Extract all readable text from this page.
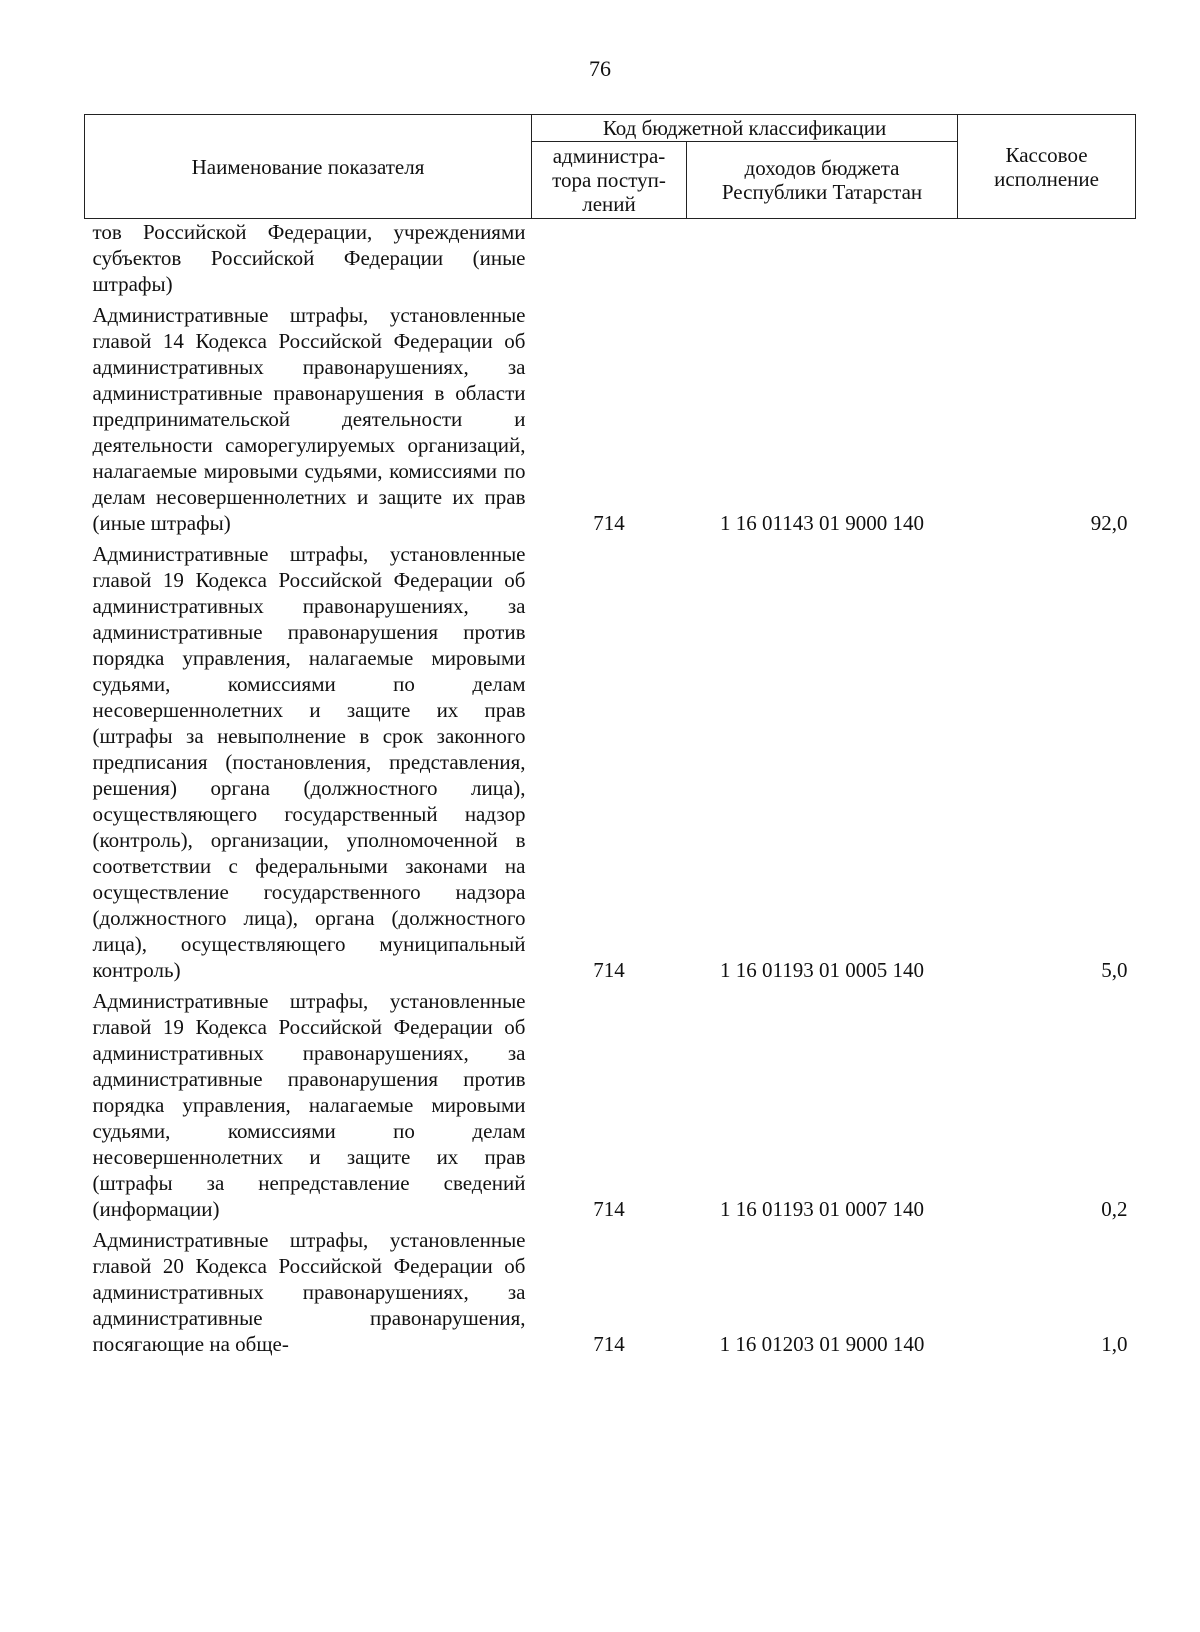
76
Наименование показателя	Код бюджетной классификации		Кассовое исполнение
	администра-тора поступ-лений	доходов бюджета Республики Татарстан	
тов Российской Федерации, учреждениями субъектов Российской Федерации (иные штрафы)			
Административные штрафы, установленные главой 14 Кодекса Российской Федерации об административных правонарушениях, за административные правонарушения в области предпринимательской деятельности и деятельности саморегулируемых организаций, налагаемые мировыми судьями, комиссиями по делам несовершеннолетних и защите их прав (иные штрафы)	714	1 16 01143 01 9000 140	92,0
Административные штрафы, установленные главой 19 Кодекса Российской Федерации об административных правонарушениях, за административные правонарушения против порядка управления, налагаемые мировыми судьями, комиссиями по делам несовершеннолетних и защите их прав (штрафы за невыполнение в срок законного предписания (постановления, представления, решения) органа (должностного лица), осуществляющего государственный надзор (контроль), организации, уполномоченной в соответствии с федеральными законами на осуществление государственного надзора (должностного лица), органа (должностного лица), осуществляющего муниципальный контроль)	714	1 16 01193 01 0005 140	5,0
Административные штрафы, установленные главой 19 Кодекса Российской Федерации об административных правонарушениях, за административные правонарушения против порядка управления, налагаемые мировыми судьями, комиссиями по делам несовершеннолетних и защите их прав (штрафы за непредставление сведений (информации)	714	1 16 01193 01 0007 140	0,2
Административные штрафы, установленные главой 20 Кодекса Российской Федерации об административных правонарушениях, за административные правонарушения, посягающие на обще-	714	1 16 01203 01 9000 140	1,0
